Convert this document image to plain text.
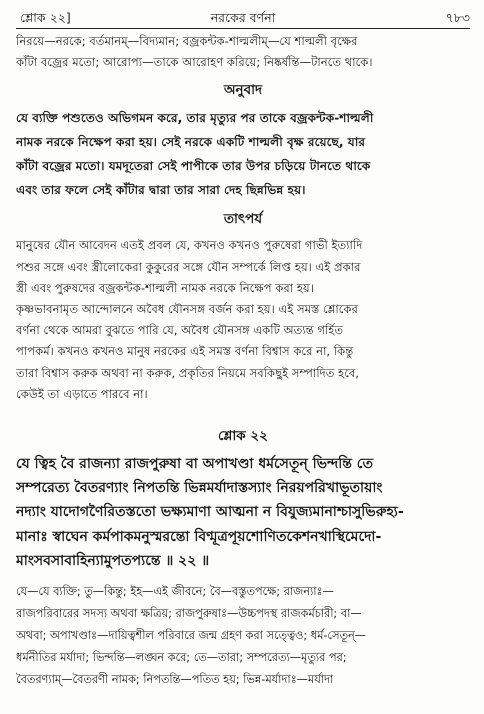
শ্লোক ২২]	নরকের বর্ণনা	৭৮৩
নিরয়ে—নরকে; বর্তমানম্—বিদ্যমান; বজ্রকন্টক-শাল্মলীম্—যে শাল্মলী বৃক্ষের
কাঁটা বজ্রের মতো; আরোপ্য—তাকে আরোহণ করিয়ে; নিষ্কর্ষন্তি—টানতে থাকে।
অনুবাদ
যে ব্যক্তি পশুতেও অভিগমন করে, তার মৃত্যুর পর তাকে বজ্রকন্টক-শাল্মলী
নামক নরকে নিক্ষেপ করা হয়। সেই নরকে একটি শাল্মলী বৃক্ষ রয়েছে, যার
কাঁটা বজ্রের মতো। যমদূতেরা সেই পাপীকে তার উপর চড়িয়ে টানতে থাকে
এবং তার ফলে সেই কাঁটার দ্বারা তার সারা দেহ ছিন্নভিন্ন হয়।
তাৎপর্য
মানুষের যৌন আবেদন এতই প্রবল যে, কখনও কখনও পুরুষেরা গাভী ইত্যাদি
পশুর সঙ্গে এবং স্ত্রীলোকেরা কুকুরের সঙ্গে যৌন সম্পর্কে লিপ্ত হয়। এই প্রকার
স্ত্রী এবং পুরুষদের বজ্রকন্টক-শাল্মলী নামক নরকে নিক্ষেপ করা হয়।
কৃষ্ণভাবনামৃত আন্দোলনে অবৈধ যৌনসঙ্গ বর্জন করা হয়। এই সমস্ত শ্লোকের
বর্ণনা থেকে আমরা বুঝতে পারি যে, অবৈধ যৌনসঙ্গ একটি অত্যন্ত গর্হিত
পাপকর্ম। কখনও কখনও মানুষ নরকের এই সমস্ত বর্ণনা বিশ্বাস করে না, কিন্তু
তারা বিশ্বাস করুক অথবা না করুক, প্রকৃতির নিয়মে সবকিছুই সম্পাদিত হবে,
কেউই তা এড়াতে পারবে না।
শ্লোক ২২
যে ত্বিহ বৈ রাজন্যা রাজপুরুষা বা অপাখণ্ডা ধর্মসেতূন্ ভিন্দন্তি তে
সম্পরেত্য বৈতরণ্যাং নিপতন্তি ভিন্নমর্যাদাস্তস্যাং নিরয়পরিখাভূতায়াং
নদ্যাং যাদোগণৈরিতস্ততো ভক্ষ্যমাণা আত্মনা ন বিযুজ্যমানাশ্চাসুভিরুহ্য-
মানাঃ স্বাঘেন কর্মপাকমনুস্মরন্তো বিণ্মূত্রপূয়শোণিতকেশনখাস্থিমেদো-
মাংসবসাবাহিন্যামুপতপ্যন্তে ॥ ২২ ॥
যে—যে ব্যক্তি; তু—কিন্তু; ইহ—এই জীবনে; বৈ—বস্তুতপক্ষে; রাজন্যাঃ—
রাজপরিবারের সদস্য অথবা ক্ষত্রিয়; রাজপুরুষাঃ—উচ্চপদস্থ রাজকর্মচারী; বা—
অথবা; অপাখণ্ডাঃ—দায়িত্বশীল পরিবারে জন্ম গ্রহণ করা সত্ত্বেও; ধর্ম-সেতূন্—
ধর্মনীতির মর্যাদা; ভিন্দন্তি—লঙ্ঘন করে; তে—তারা; সম্পরেত্য—মৃত্যুর পর;
বৈতরণ্যাম্—বৈতরণী নামক; নিপতন্তি—পতিত হয়; ভিন্ন-মর্যাদাঃ—মর্যাদা
